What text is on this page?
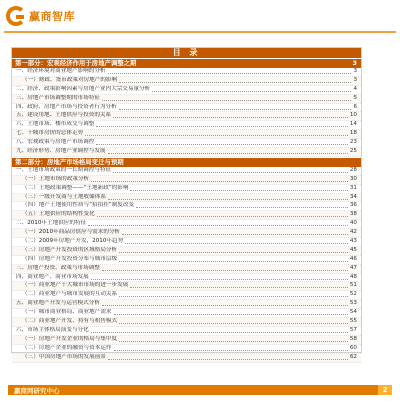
赢商智库
目 录
第一部分：宏观经济作用于房地产调整之期	3
一、经济环境对商业地产影响的分析	3
（一）财政、货币政策对房地产的影响	3
二、经济、政策影响因素与房地产业内大宗交易量分析	4
三、房地产市场调整期的市场特征	5
四、政府、房地产市场与投资者行为分析	6
五、建设用地、土地供应与投资的关系	10
六、土地市场、楼市成交与调整	14
七、十城市房价的总体走势	18
八、宏观政策与房地产市场调控	23
九、经济形势、房地产业调控与发展	25
第二部分：房地产市场格局变迁与预期
一、土地市场政策的一长期调控与特征	28
（一）土地市场的政策分析	30
（二）土地政策调整——“土地新政”的影响	31
（三）一级开发商与土地收储体系	34
（四）地产土地使用性质与“招拍挂”制度改变	36
（五）土地供应的结构性变化	38
二、2010年土地供应的特征	40
（一）2010年商品房供应与需求的分析	42
（二）2009年房地产开发，2010年趋势	43
（三）房地产开发投资的区域格局分析	45
（四）房地产开发投资分布与城市层级	46
三、房地产投资、政策与市场调整	47
四、商业地产、商业市场发展	48
（一）商业地产十大城市市场的进一步发展	51
（二）商业地产与城市发展的互动关系	52
五、商业地产开发与运营模式分析	53
（一）城市商业格局、商业地产需求	54
（二）商业地产开发、持有与租售模式	55
六、市场主体格局演变与分化	57
（一）房地产开发企业的格局与集中度	58
（二）房地产企业的融资与资本运作	60
（三）中国房地产市场的发展前景	62
赢商网研究中心	2
